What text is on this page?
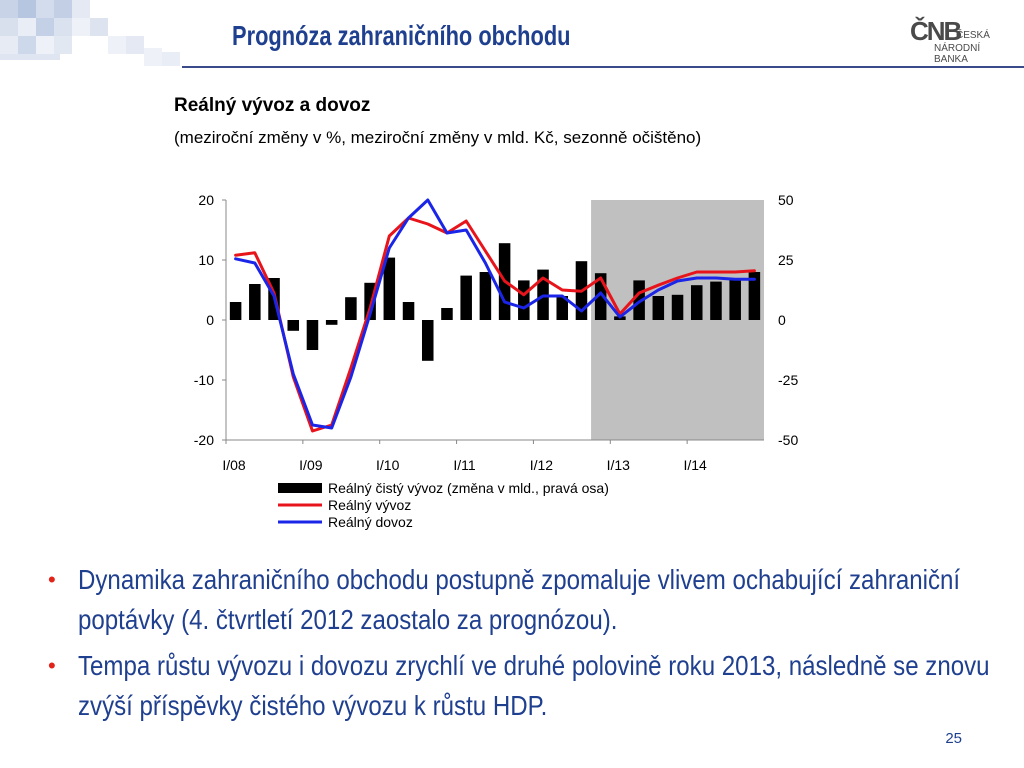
Prognóza zahraničního obchodu	ČNB
ČESKÁ
NÁRODNÍ BANKA
Reálný vývoz a dovoz
(meziroční změny v %, meziroční změny v mld. Kč, sezonně očištěno)
20
10
0
-10
-20
50
25
0
-25
-50
I/08	I/09	I/10	I/11	I/12	I/13	I/14
Reálný čistý vývoz (změna v mld., pravá osa)
Reálný vývoz
Reálný dovoz
• Dynamika zahraničního obchodu postupně zpomaluje vlivem ochabující zahraniční poptávky (4. čtvrtletí 2012 zaostalo za prognózou).
• Tempa růstu vývozu i dovozu zrychlí ve druhé polovině roku 2013, následně se znovu zvýší příspěvky čistého vývozu k růstu HDP.
25
